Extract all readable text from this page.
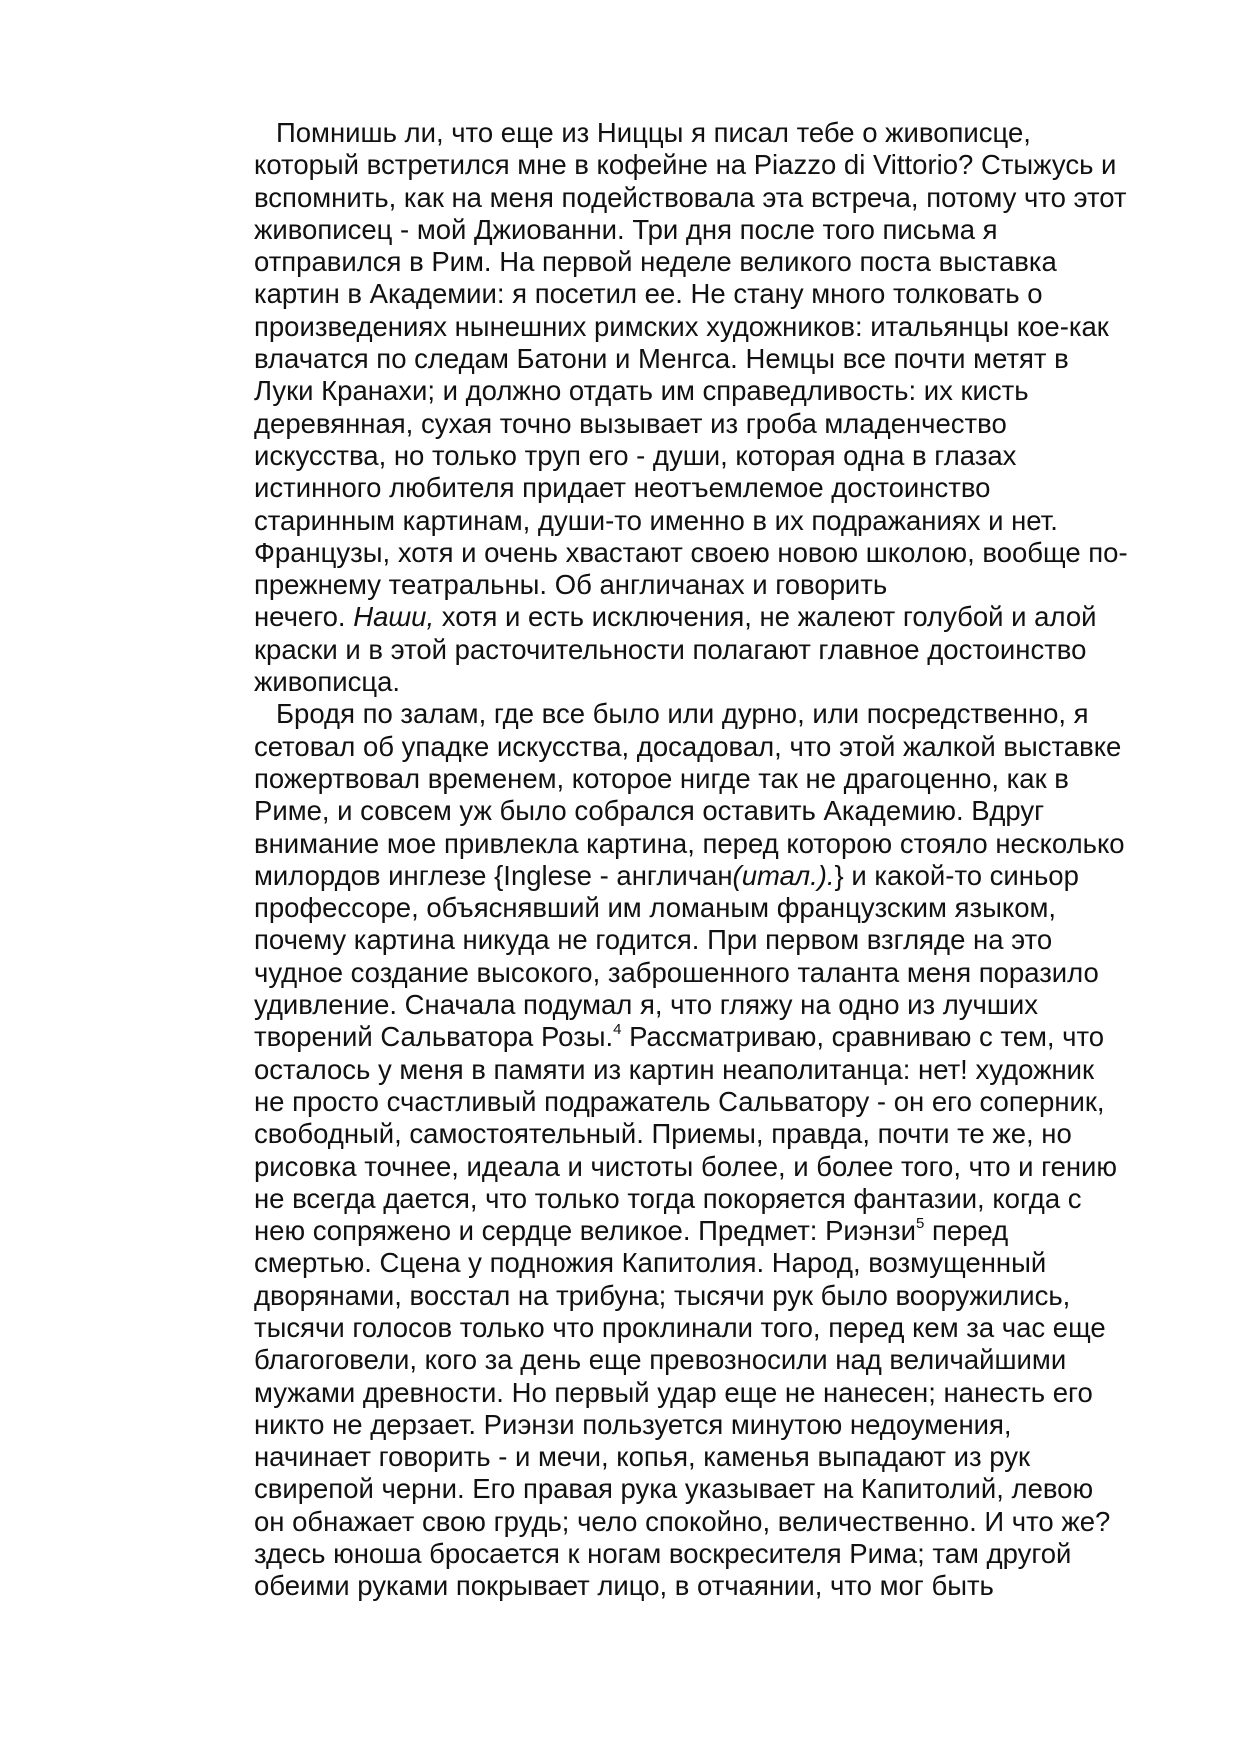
Помнишь ли, что еще из Ниццы я писал тебе о живописце,
который встретился мне в кофейне на Piazzo di Vittorio? Стыжусь и
вспомнить, как на меня подействовала эта встреча, потому что этот
живописец - мой Джиованни. Три дня после того письма я
отправился в Рим. На первой неделе великого поста выставка
картин в Академии: я посетил ее. Не стану много толковать о
произведениях нынешних римских художников: итальянцы кое-как
влачатся по следам Батони и Менгса. Немцы все почти метят в
Луки Кранахи; и должно отдать им справедливость: их кисть
деревянная, сухая точно вызывает из гроба младенчество
искусства, но только труп его - души, которая одна в глазах
истинного любителя придает неотъемлемое достоинство
старинным картинам, души-то именно в их подражаниях и нет.
Французы, хотя и очень хвастают своею новою школою, вообще по-
прежнему театральны. Об англичанах и говорить
нечего. Наши, хотя и есть исключения, не жалеют голубой и алой
краски и в этой расточительности полагают главное достоинство
живописца.
Бродя по залам, где все было или дурно, или посредственно, я
сетовал об упадке искусства, досадовал, что этой жалкой выставке
пожертвовал временем, которое нигде так не драгоценно, как в
Риме, и совсем уж было собрался оставить Академию. Вдруг
внимание мое привлекла картина, перед которою стояло несколько
милордов инглезе {Inglese - англичан(итал.).} и какой-то синьор
профессоре, объяснявший им ломаным французским языком,
почему картина никуда не годится. При первом взгляде на это
чудное создание высокого, заброшенного таланта меня поразило
удивление. Сначала подумал я, что гляжу на одно из лучших
творений Сальватора Розы.$^4$ Рассматриваю, сравниваю с тем, что
осталось у меня в памяти из картин неаполитанца: нет! художник
не просто счастливый подражатель Сальватору - он его соперник,
свободный, самостоятельный. Приемы, правда, почти те же, но
рисовка точнее, идеала и чистоты более, и более того, что и гению
не всегда дается, что только тогда покоряется фантазии, когда с
нею сопряжено и сердце великое. Предмет: Риэнзи$^5$ перед
смертью. Сцена у подножия Капитолия. Народ, возмущенный
дворянами, восстал на трибуна; тысячи рук было вооружились,
тысячи голосов только что проклинали того, перед кем за час еще
благоговели, кого за день еще превозносили над величайшими
мужами древности. Но первый удар еще не нанесен; нанесть его
никто не дерзает. Риэнзи пользуется минутою недоумения,
начинает говорить - и мечи, копья, каменья выпадают из рук
свирепой черни. Его правая рука указывает на Капитолий, левою
он обнажает свою грудь; чело спокойно, величественно. И что же?
здесь юноша бросается к ногам воскресителя Рима; там другой
обеими руками покрывает лицо, в отчаянии, что мог быть
